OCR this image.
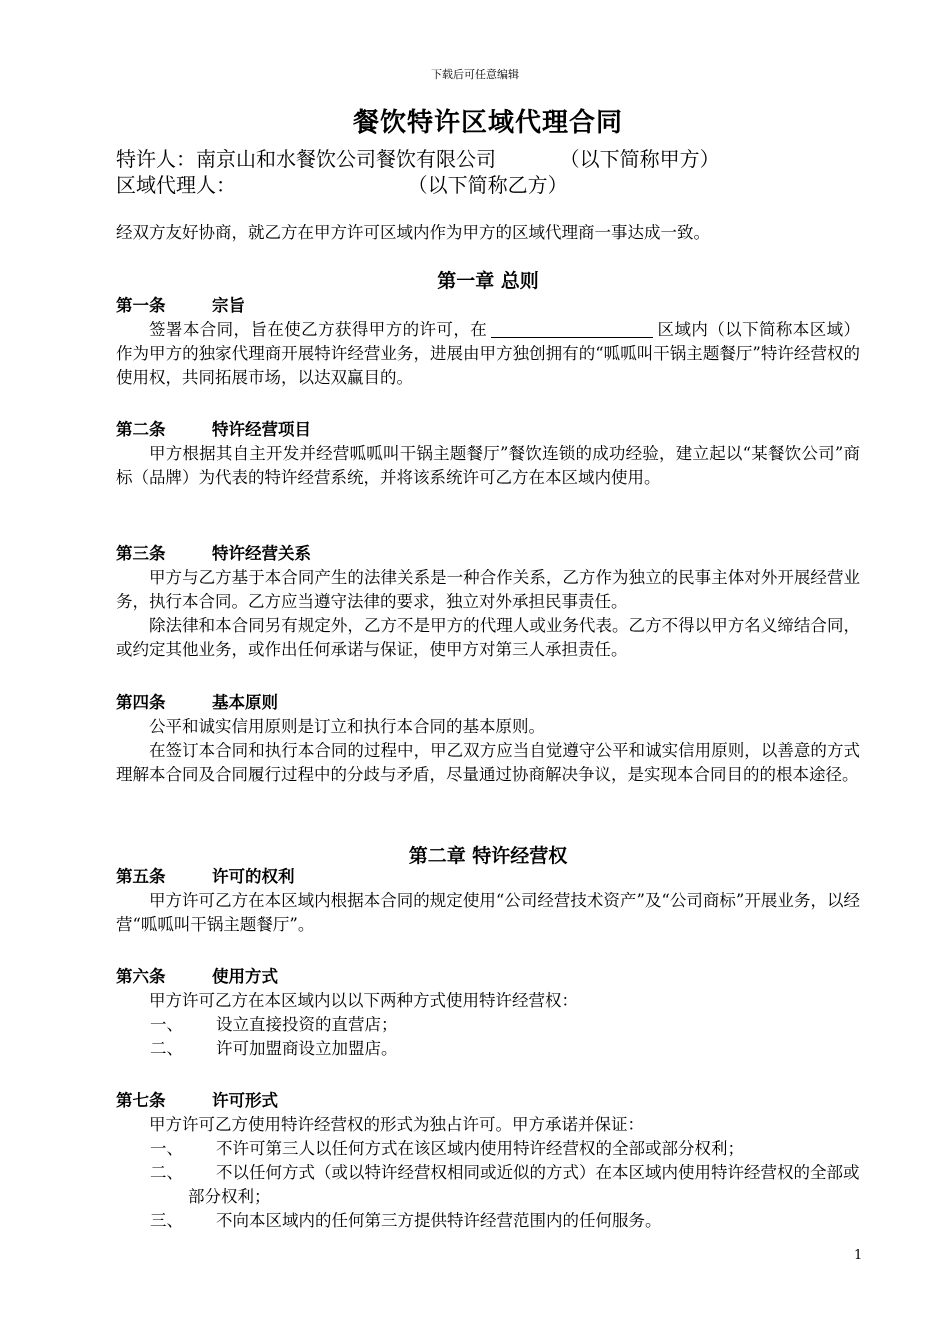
下载后可任意编辑
餐饮特许区域代理合同
特许人：南京山和水餐饮公司餐饮有限公司          （以下简称甲方）
区域代理人：                           （以下简称乙方）
经双方友好协商，就乙方在甲方许可区域内作为甲方的区域代理商一事达成一致。
第一章 总则
第一条	宗旨
签署本合同，旨在使乙方获得甲方的许可，在	区域内（以下简称本区域）作为甲方的独家代理商开展特许经营业务，进展由甲方独创拥有的“呱呱叫干锅主题餐厅”特许经营权的使用权，共同拓展市场，以达双赢目的。
第二条	特许经营项目
甲方根据其自主开发并经营呱呱叫干锅主题餐厅”餐饮连锁的成功经验，建立起以“某餐饮公司”商标（品牌）为代表的特许经营系统，并将该系统许可乙方在本区域内使用。
第三条	特许经营关系
甲方与乙方基于本合同产生的法律关系是一种合作关系，乙方作为独立的民事主体对外开展经营业务，执行本合同。乙方应当遵守法律的要求，独立对外承担民事责任。
除法律和本合同另有规定外，乙方不是甲方的代理人或业务代表。乙方不得以甲方名义缔结合同，或约定其他业务，或作出任何承诺与保证，使甲方对第三人承担责任。
第四条	基本原则
公平和诚实信用原则是订立和执行本合同的基本原则。
在签订本合同和执行本合同的过程中，甲乙双方应当自觉遵守公平和诚实信用原则，以善意的方式理解本合同及合同履行过程中的分歧与矛盾，尽量通过协商解决争议，是实现本合同目的的根本途径。
第二章 特许经营权
第五条	许可的权利
甲方许可乙方在本区域内根据本合同的规定使用“公司经营技术资产”及“公司商标”开展业务，以经营“呱呱叫干锅主题餐厅”。
第六条	使用方式
甲方许可乙方在本区域内以以下两种方式使用特许经营权：
一、 设立直接投资的直营店；
二、 许可加盟商设立加盟店。
第七条	许可形式
甲方许可乙方使用特许经营权的形式为独占许可。甲方承诺并保证：
一、 不许可第三人以任何方式在该区域内使用特许经营权的全部或部分权利；
二、 不以任何方式（或以特许经营权相同或近似的方式）在本区域内使用特许经营权的全部或部分权利；
三、 不向本区域内的任何第三方提供特许经营范围内的任何服务。
1
